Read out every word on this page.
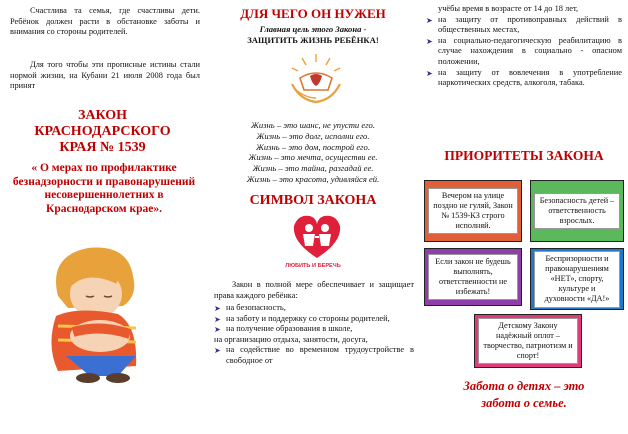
Счастлива та семья, где счастливы дети. Ребёнок должен расти в обстановке заботы и внимания со стороны родителей.
Для того чтобы эти прописные истины стали нормой жизни, на Кубани 21 июля 2008 года был принят
ЗАКОН
КРАСНОДАРСКОГО
КРАЯ № 1539
« О мерах по профилактике безнадзорности и правонарушений несовершеннолетних в Краснодарском крае».
ДЛЯ ЧЕГО ОН НУЖЕН
Главная цель этого Закона -
ЗАЩИТИТЬ ЖИЗНЬ РЕБЁНКА!
Жизнь – это шанс, не упусти его.
Жизнь – это долг, исполни его.
Жизнь – это дом, построй его.
Жизнь – это мечта, осуществи ее.
Жизнь – это тайна, разгадай ее.
Жизнь – это красота, удивляйся ей.
СИМВОЛ ЗАКОНА
ЛЮБИТЬ И БЕРЕЧЬ
Закон в полной мере обеспечивает и защищает права каждого ребёнка:
➤ на безопасность,
➤ на заботу и поддержку со стороны родителей,
➤ на получение образования в школе,
на организацию отдыха, занятости, досуга,
➤ на содействие во временном трудоустройстве в свободное от
учёбы время в возрасте от 14 до 18 лет,
➤ на защиту от противоправных действий в общественных местах,
➤ на социально-педагогическую реабилитацию в случае нахождения в социально - опасном положении,
➤ на защиту от вовлечения в употребление наркотических средств, алкоголя, табака.
ПРИОРИТЕТЫ ЗАКОНА
Вечером на улице поздно не гуляй, Закон № 1539-КЗ строго исполняй.
Безопасность детей – ответственность взрослых.
Если закон не будешь выполнять, ответственности не избежать!
Беспризорности и правонарушениям «НЕТ», спорту, культуре и духовности «ДА!»
Детскому Закону надёжный оплот – творчество, патриотизм и спорт!
Забота о детях – это
забота о семье.
